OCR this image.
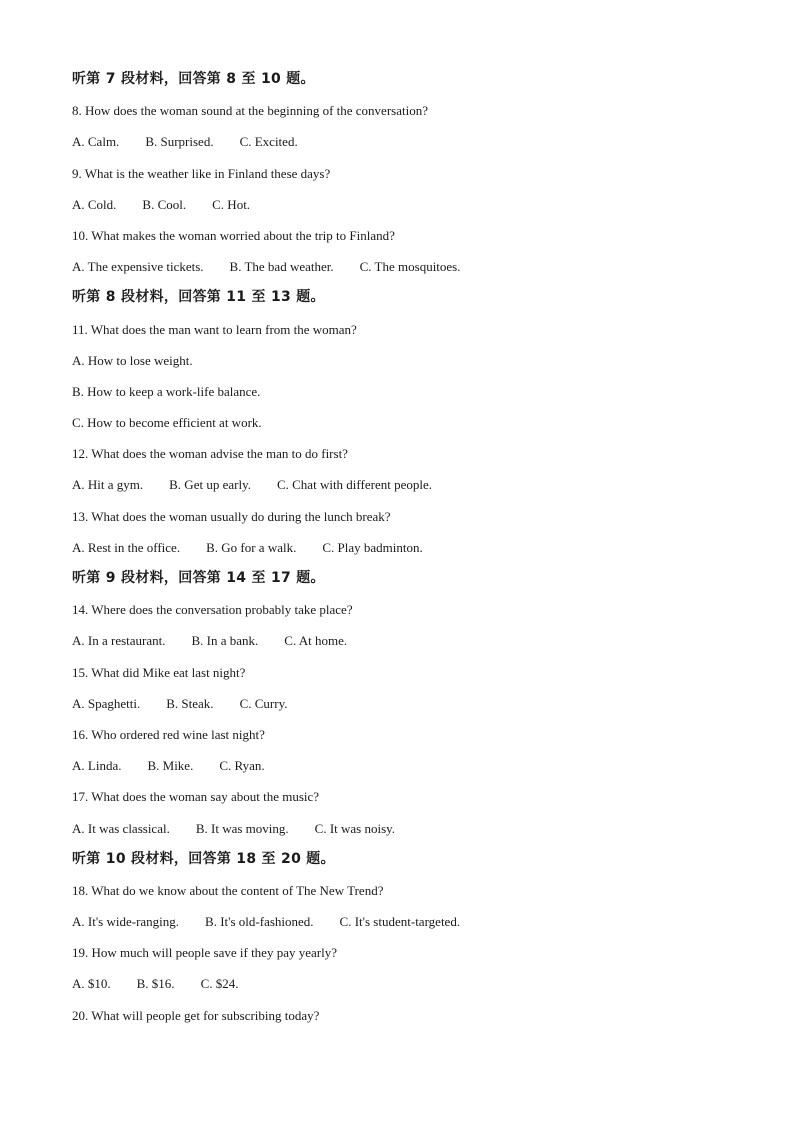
听第 7 段材料，回答第 8 至 10 题。
8. How does the woman sound at the beginning of the conversation?
A. Calm. B. Surprised. C. Excited.
9. What is the weather like in Finland these days?
A. Cold. B. Cool. C. Hot.
10. What makes the woman worried about the trip to Finland?
A. The expensive tickets. B. The bad weather. C. The mosquitoes.
听第 8 段材料，回答第 11 至 13 题。
11. What does the man want to learn from the woman?
A. How to lose weight.
B. How to keep a work-life balance.
C. How to become efficient at work.
12. What does the woman advise the man to do first?
A. Hit a gym. B. Get up early. C. Chat with different people.
13. What does the woman usually do during the lunch break?
A. Rest in the office. B. Go for a walk. C. Play badminton.
听第 9 段材料，回答第 14 至 17 题。
14. Where does the conversation probably take place?
A. In a restaurant. B. In a bank. C. At home.
15. What did Mike eat last night?
A. Spaghetti. B. Steak. C. Curry.
16. Who ordered red wine last night?
A. Linda. B. Mike. C. Ryan.
17. What does the woman say about the music?
A. It was classical. B. It was moving. C. It was noisy.
听第 10 段材料，回答第 18 至 20 题。
18. What do we know about the content of The New Trend?
A. It's wide-ranging. B. It's old-fashioned. C. It's student-targeted.
19. How much will people save if they pay yearly?
A. $10. B. $16. C. $24.
20. What will people get for subscribing today?
